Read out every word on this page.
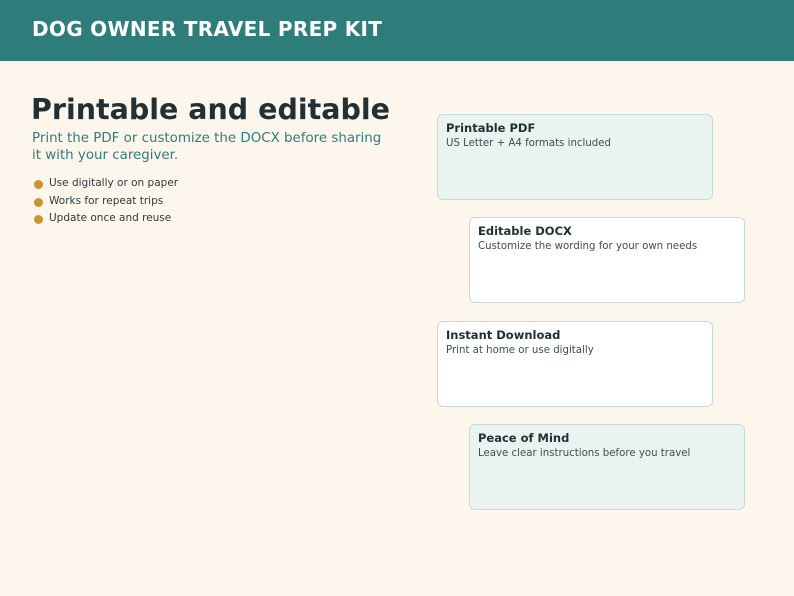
DOG OWNER TRAVEL PREP KIT
Printable and editable
Print the PDF or customize the DOCX before sharing it with your caregiver.
Use digitally or on paper
Works for repeat trips
Update once and reuse
Printable PDF
US Letter + A4 formats included
Editable DOCX
Customize the wording for your own needs
Instant Download
Print at home or use digitally
Peace of Mind
Leave clear instructions before you travel
